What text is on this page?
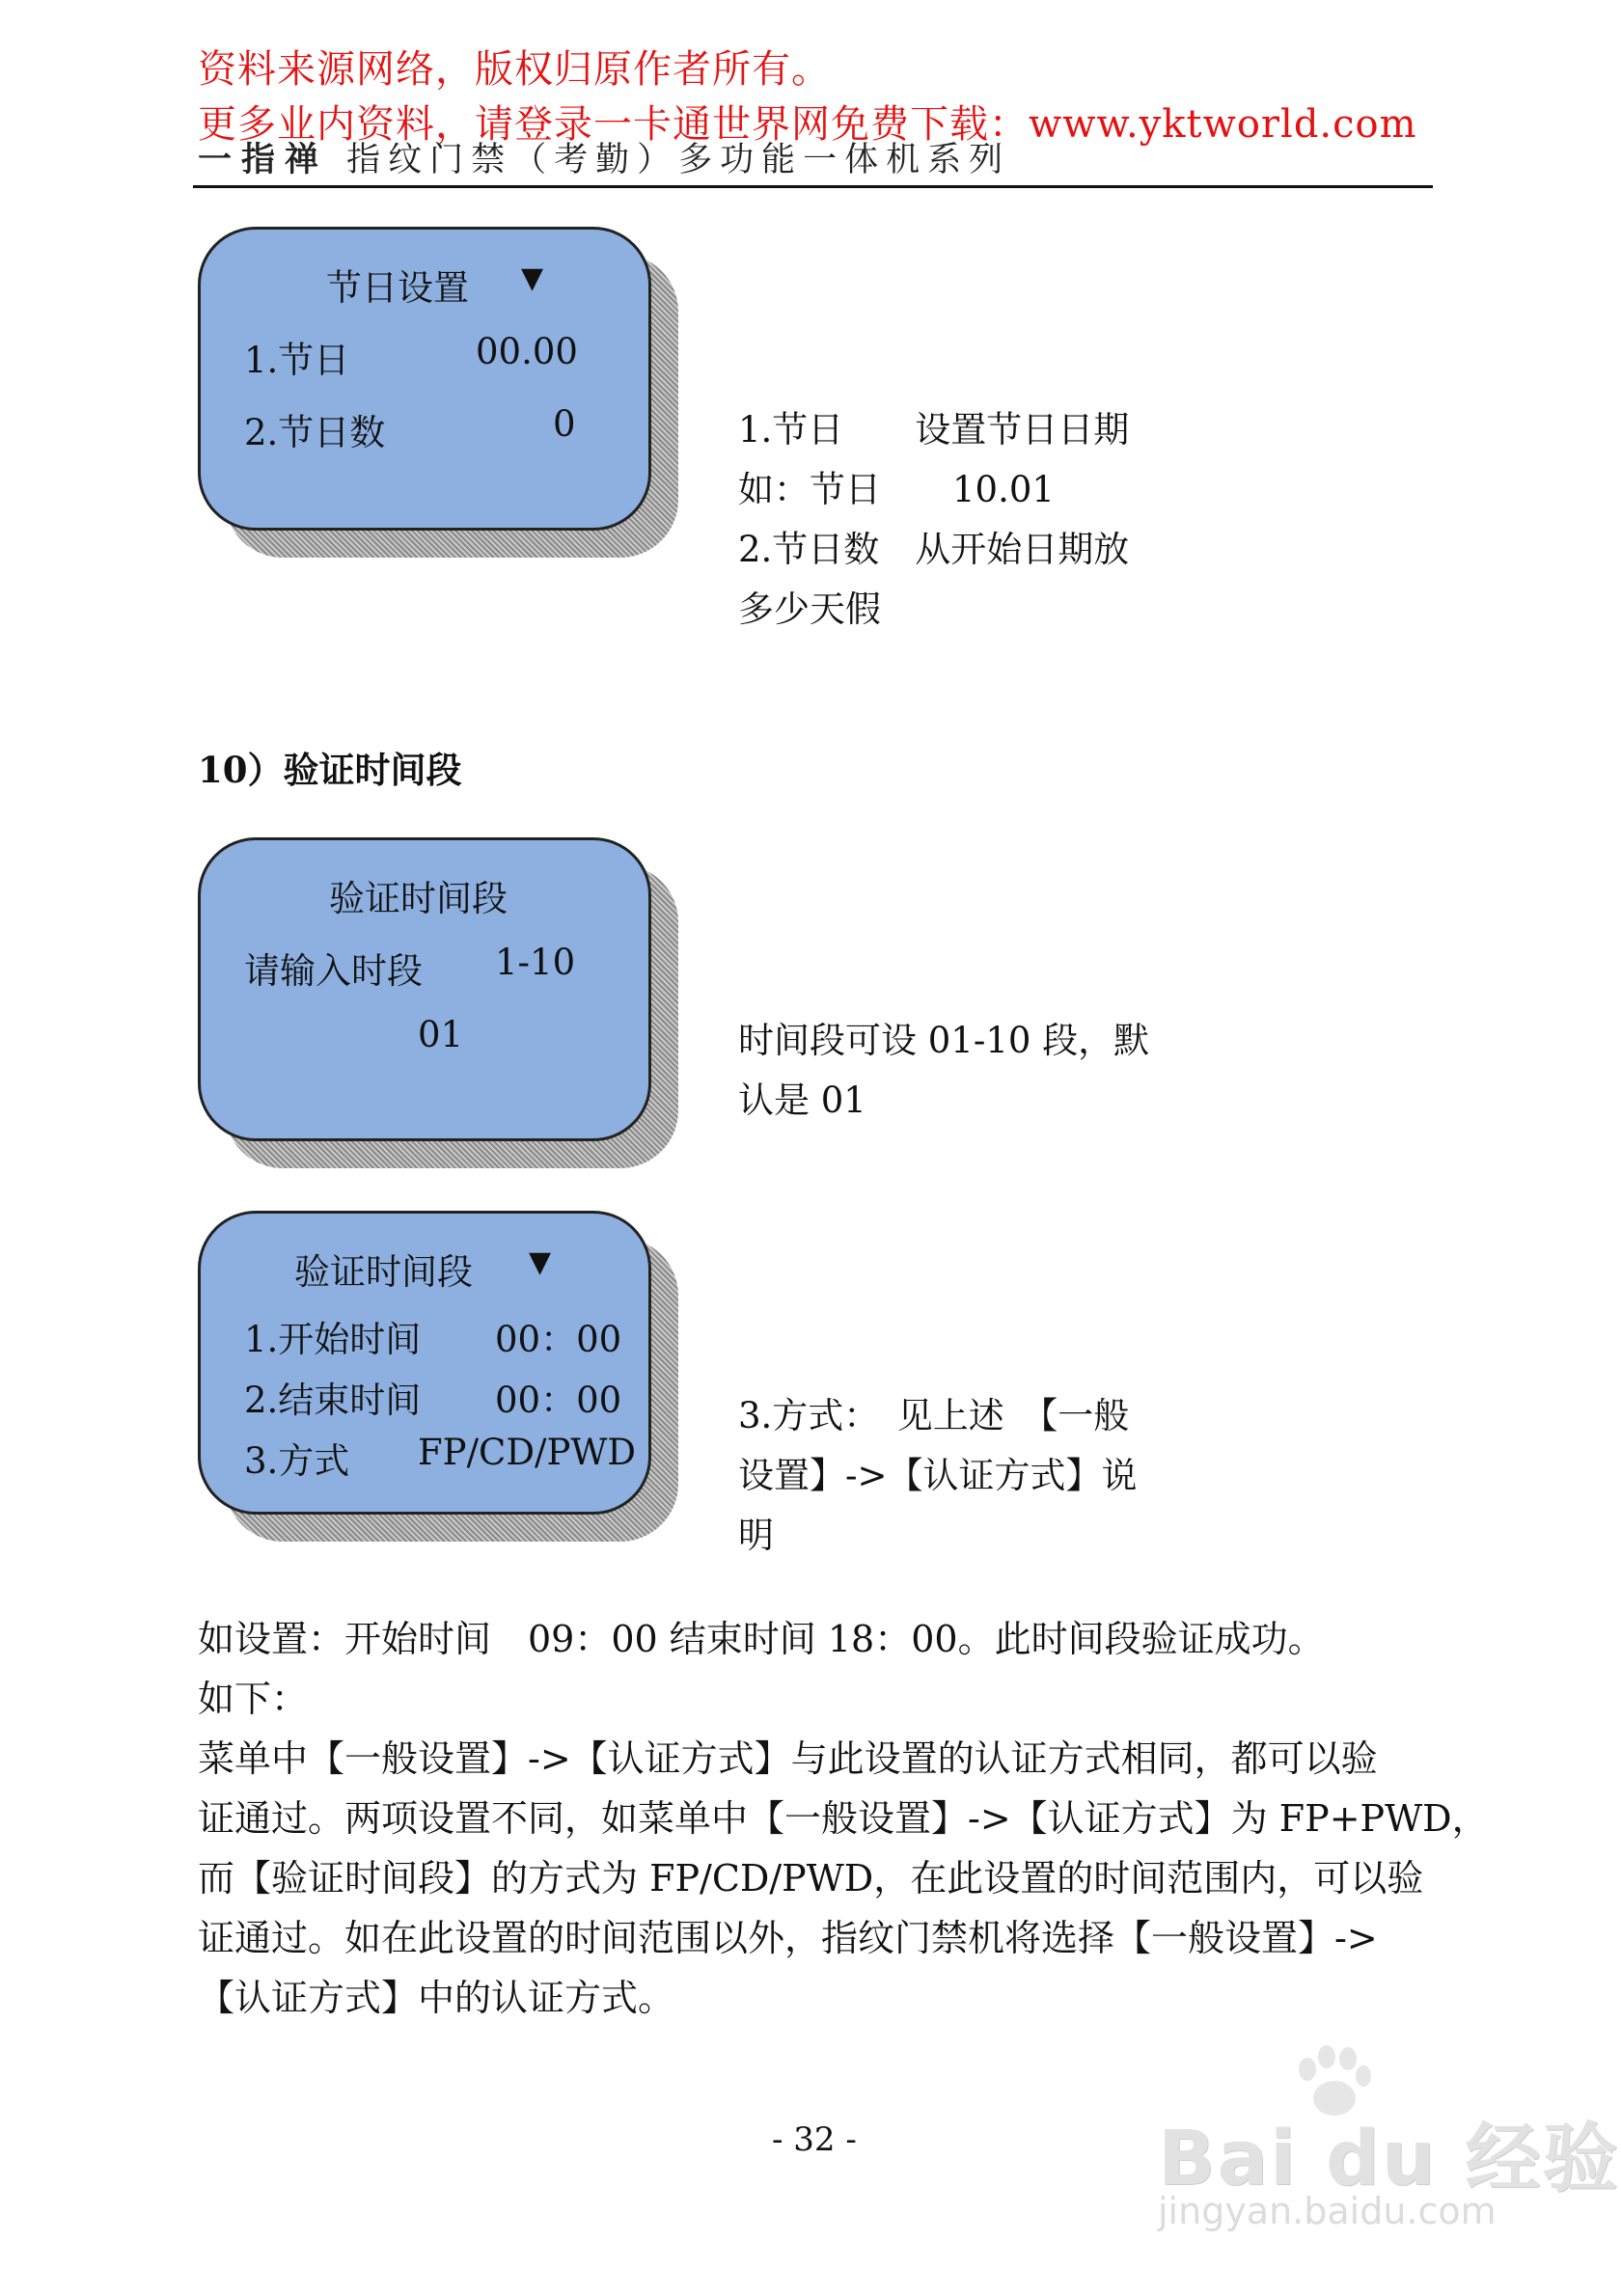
资料来源网络，版权归原作者所有。
更多业内资料，请登录一卡通世界网免费下载：www.yktworld.com
一指禅 指纹门禁（考勤）多功能一体机系列
节日设置 ▼
1.节日	00.00
2.节日数	0	1.节日　　设置节日日期
如：节日　　10.01
2.节日数　从开始日期放
多少天假
10）验证时间段
验证时间段
请输入时段 1-10
01	时间段可设 01-10 段，默
认是 01
验证时间段 ▼
1.开始时间 00：00
2.结束时间 00：00
3.方式 FP/CD/PWD
3.方式：　见上述　【一般
设置】->【认证方式】说
明
如设置：开始时间　09：00 结束时间 18：00。此时间段验证成功。
如下：
菜单中【一般设置】->【认证方式】与此设置的认证方式相同，都可以验
证通过。两项设置不同，如菜单中【一般设置】->【认证方式】为 FP+PWD，
而【验证时间段】的方式为 FP/CD/PWD，在此设置的时间范围内，可以验
证通过。如在此设置的时间范围以外，指纹门禁机将选择【一般设置】->
【认证方式】中的认证方式。
- 32 -	Bai du 经验
jingyan.baidu.com
